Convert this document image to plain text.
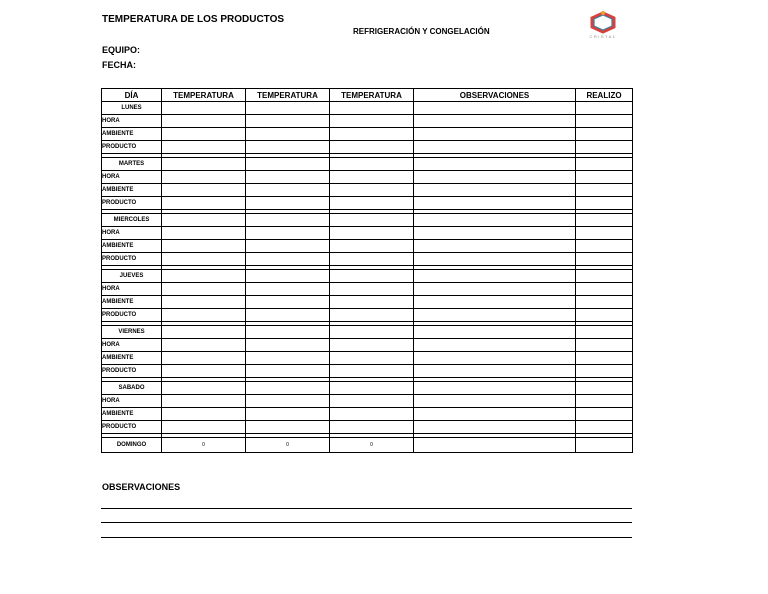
TEMPERATURA DE LOS PRODUCTOS
REFRIGERACIÓN Y CONGELACIÓN
EQUIPO:
FECHA:
CRISTAL
DÍA	TEMPERATURA	TEMPERATURA	TEMPERATURA	OBSERVACIONES	REALIZO
LUNES					
HORA					
AMBIENTE					
PRODUCTO					

MARTES					
HORA					
AMBIENTE					
PRODUCTO					

MIERCOLES					
HORA					
AMBIENTE					
PRODUCTO					

JUEVES					
HORA					
AMBIENTE					
PRODUCTO					

VIERNES					
HORA					
AMBIENTE					
PRODUCTO					

SABADO					
HORA					
AMBIENTE					
PRODUCTO					

DOMINGO	0	0	0		
OBSERVACIONES
